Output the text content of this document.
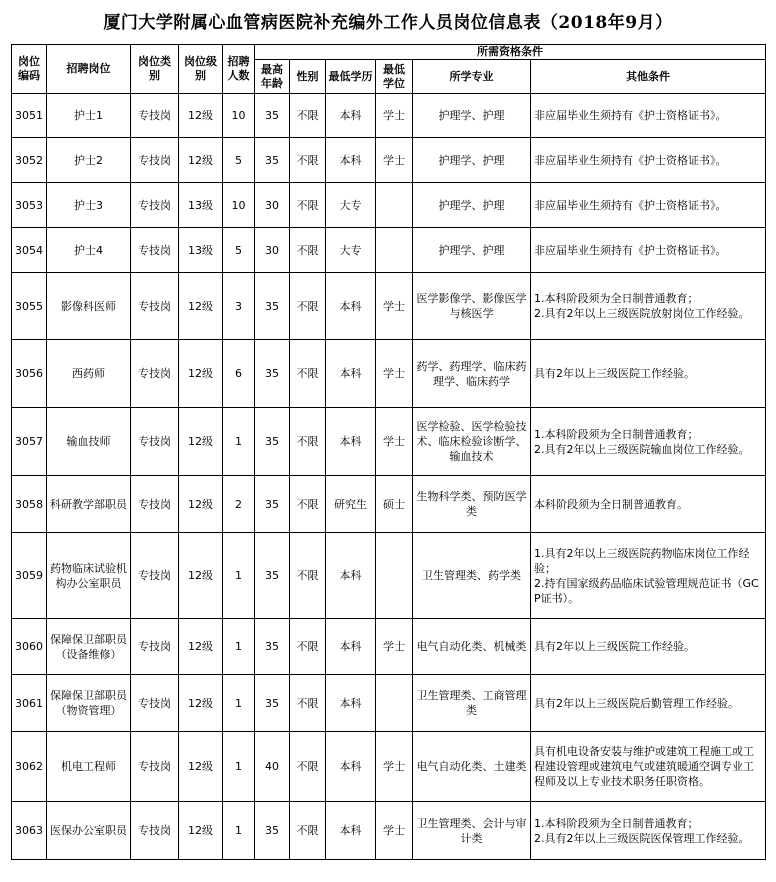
厦门大学附属心血管病医院补充编外工作人员岗位信息表（2018年9月）
岗位编码	招聘岗位	岗位类别	岗位级别	招聘人数	所需资格条件					
					最高年龄	性别	最低学历	最低学位	所学专业	其他条件
3051	护士1	专技岗	12级	10	35	不限	本科	学士	护理学、护理	非应届毕业生须持有《护士资格证书》。
3052	护士2	专技岗	12级	5	35	不限	本科	学士	护理学、护理	非应届毕业生须持有《护士资格证书》。
3053	护士3	专技岗	13级	10	30	不限	大专		护理学、护理	非应届毕业生须持有《护士资格证书》。
3054	护士4	专技岗	13级	5	30	不限	大专		护理学、护理	非应届毕业生须持有《护士资格证书》。
3055	影像科医师	专技岗	12级	3	35	不限	本科	学士	医学影像学、影像医学与核医学	1.本科阶段须为全日制普通教育；
2.具有2年以上三级医院放射岗位工作经验。
3056	西药师	专技岗	12级	6	35	不限	本科	学士	药学、药理学、临床药理学、临床药学	具有2年以上三级医院工作经验。
3057	输血技师	专技岗	12级	1	35	不限	本科	学士	医学检验、医学检验技术、临床检验诊断学、输血技术	1.本科阶段须为全日制普通教育；
2.具有2年以上三级医院输血岗位工作经验。
3058	科研教学部职员	专技岗	12级	2	35	不限	研究生	硕士	生物科学类、预防医学类	本科阶段须为全日制普通教育。
3059	药物临床试验机构办公室职员	专技岗	12级	1	35	不限	本科		卫生管理类、药学类	1.具有2年以上三级医院药物临床岗位工作经验；
2.持有国家级药品临床试验管理规范证书（GCP证书）。
3060	保障保卫部职员（设备维修）	专技岗	12级	1	35	不限	本科	学士	电气自动化类、机械类	具有2年以上三级医院工作经验。
3061	保障保卫部职员（物资管理）	专技岗	12级	1	35	不限	本科		卫生管理类、工商管理类	具有2年以上三级医院后勤管理工作经验。
3062	机电工程师	专技岗	12级	1	40	不限	本科	学士	电气自动化类、土建类	具有机电设备安装与维护或建筑工程施工或工程建设管理或建筑电气或建筑暖通空调专业工程师及以上专业技术职务任职资格。
3063	医保办公室职员	专技岗	12级	1	35	不限	本科	学士	卫生管理类、会计与审计类	1.本科阶段须为全日制普通教育；
2.具有2年以上三级医院医保管理工作经验。
